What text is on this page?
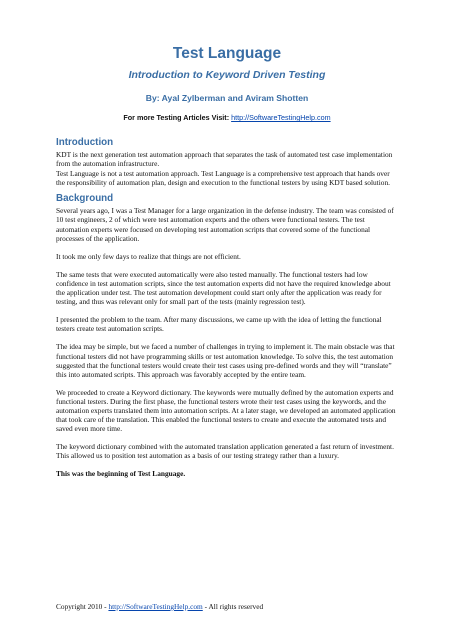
Test Language
Introduction to Keyword Driven Testing
By: Ayal Zylberman and Aviram Shotten
For more Testing Articles Visit: http://SoftwareTestingHelp.com
Introduction

KDT is the next generation test automation approach that separates the task of automated test case implementation from the automation infrastructure.

Test Language is not a test automation approach. Test Language is a comprehensive test approach that hands over the responsibility of automation plan, design and execution to the functional testers by using KDT based solution.

Background

Several years ago, I was a Test Manager for a large organization in the defense industry. The team was consisted of 10 test engineers, 2 of which were test automation experts and the others were functional testers. The test automation experts were focused on developing test automation scripts that covered some of the functional processes of the application.

It took me only few days to realize that things are not efficient.

The same tests that were executed automatically were also tested manually. The functional testers had low confidence in test automation scripts, since the test automation experts did not have the required knowledge about the application under test. The test automation development could start only after the application was ready for testing, and thus was relevant only for small part of the tests (mainly regression test).

I presented the problem to the team. After many discussions, we came up with the idea of letting the functional testers create test automation scripts.

The idea may be simple, but we faced a number of challenges in trying to implement it. The main obstacle was that functional testers did not have programming skills or test automation knowledge. To solve this, the test automation suggested that the functional testers would create their test cases using pre-defined words and they will “translate” this into automated scripts. This approach was favorably accepted by the entire team.

We proceeded to create a Keyword dictionary. The keywords were mutually defined by the automation experts and functional testers. During the first phase, the functional testers wrote their test cases using the keywords, and the automation experts translated them into automation scripts. At a later stage, we developed an automated application that took care of the translation. This enabled the functional testers to create and execute the automated tests and saved even more time.

The keyword dictionary combined with the automated translation application generated a fast return of investment. This allowed us to position test automation as a basis of our testing strategy rather than a luxury.

This was the beginning of Test Language.

Copyright 2010 - http://SoftwareTestingHelp.com - All rights reserved
